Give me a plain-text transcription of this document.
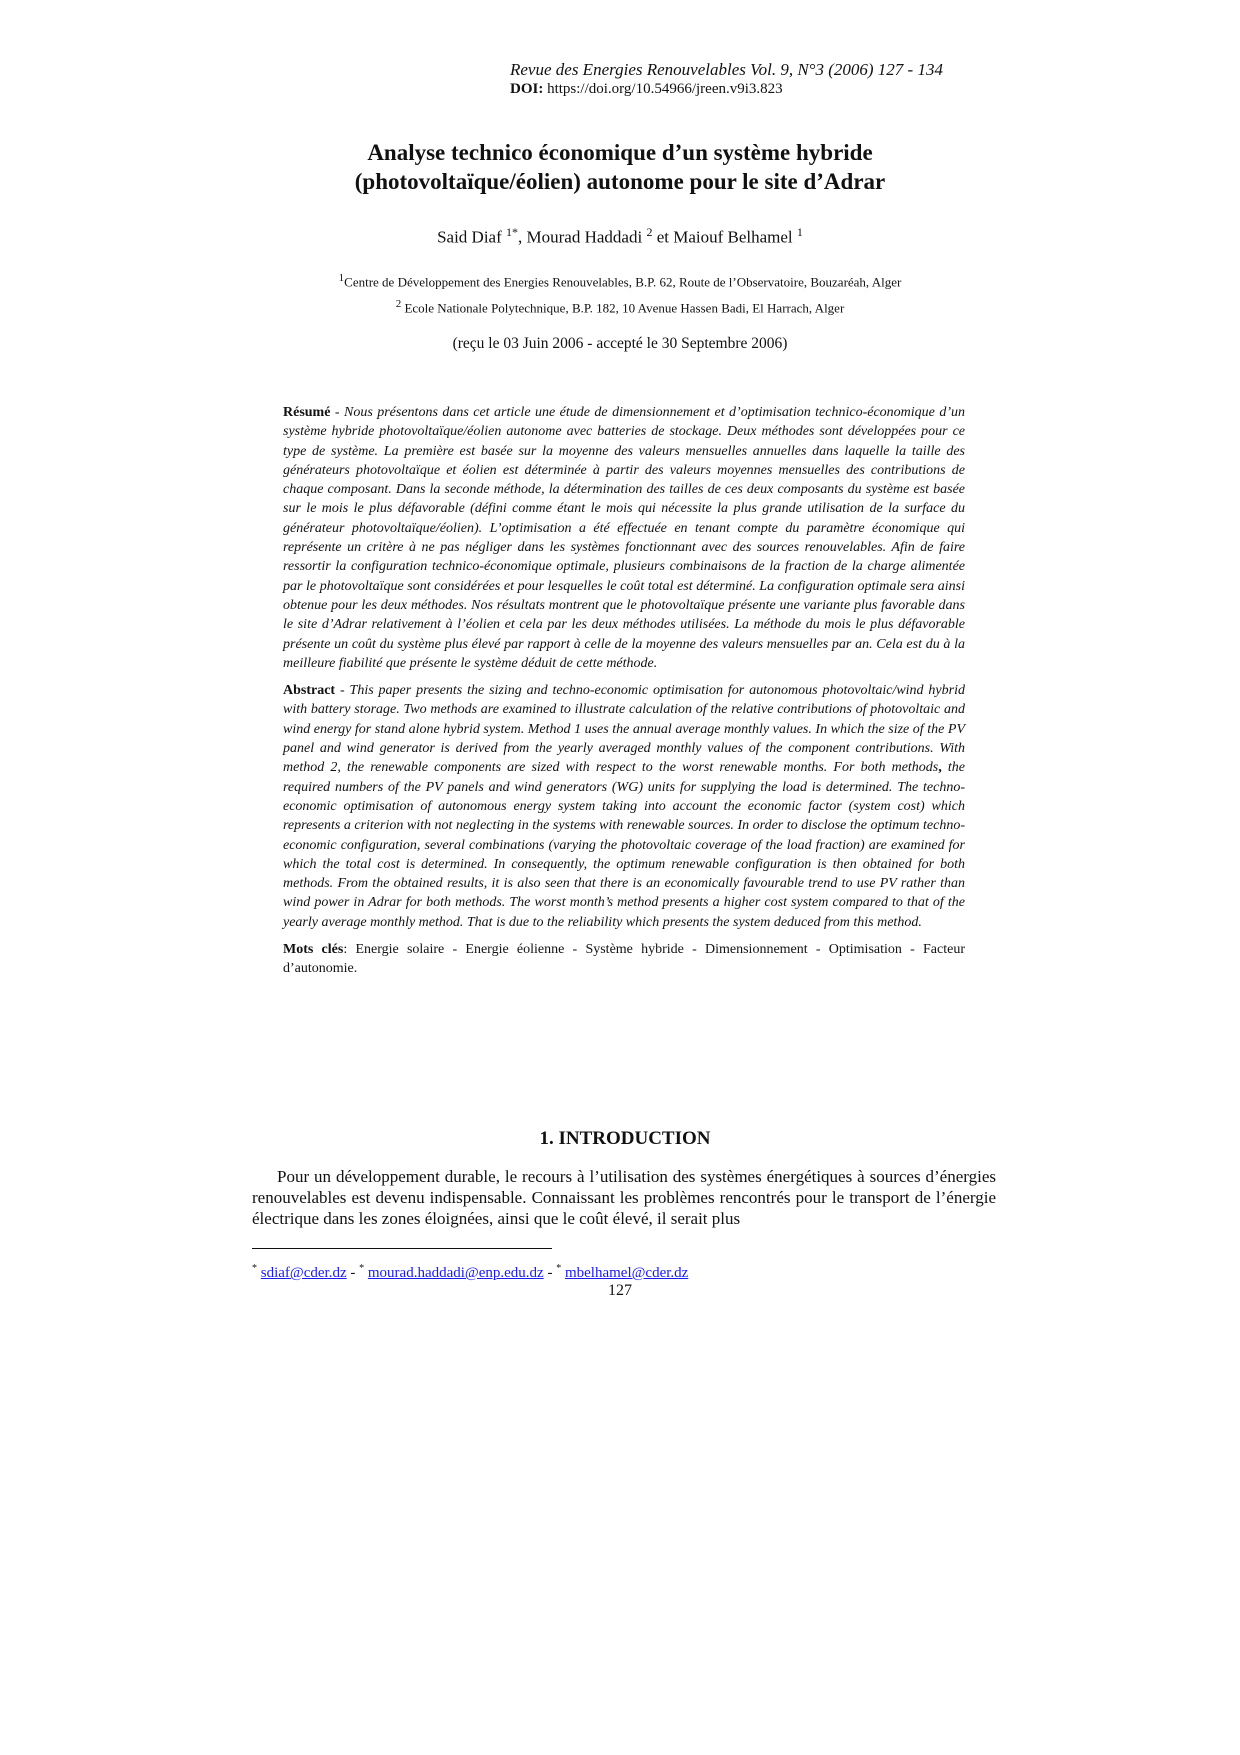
Revue des Energies Renouvelables Vol. 9, N°3 (2006) 127 - 134
DOI: https://doi.org/10.54966/jreen.v9i3.823
Analyse technico économique d’un système hybride
(photovoltaïque/éolien) autonome pour le site d’Adrar
Said Diaf $^{1*}$, Mourad Haddadi $^2$ et Maiouf Belhamel $^1$
$^1$Centre de Développement des Energies Renouvelables, B.P. 62, Route de l’Observatoire, Bouzaréah, Alger
$^2$ Ecole Nationale Polytechnique, B.P. 182, 10 Avenue Hassen Badi, El Harrach, Alger
(reçu le 03 Juin 2006 - accepté le 30 Septembre 2006)

Résumé - Nous présentons dans cet article une étude de dimensionnement et d’optimisation technico-économique d’un système hybride photovoltaïque/éolien autonome avec batteries de stockage. Deux méthodes sont développées pour ce type de système. La première est basée sur la moyenne des valeurs mensuelles annuelles dans laquelle la taille des générateurs photovoltaïque et éolien est déterminée à partir des valeurs moyennes mensuelles des contributions de chaque composant. Dans la seconde méthode, la détermination des tailles de ces deux composants du système est basée sur le mois le plus défavorable (défini comme étant le mois qui nécessite la plus grande utilisation de la surface du générateur photovoltaïque/éolien). L’optimisation a été effectuée en tenant compte du paramètre économique qui représente un critère à ne pas négliger dans les systèmes fonctionnant avec des sources renouvelables. Afin de faire ressortir la configuration technico-économique optimale, plusieurs combinaisons de la fraction de la charge alimentée par le photovoltaïque sont considérées et pour lesquelles le coût total est déterminé. La configuration optimale sera ainsi obtenue pour les deux méthodes. Nos résultats montrent que le photovoltaïque présente une variante plus favorable dans le site d’Adrar relativement à l’éolien et cela par les deux méthodes utilisées. La méthode du mois le plus défavorable présente un coût du système plus élevé par rapport à celle de la moyenne des valeurs mensuelles par an. Cela est du à la meilleure fiabilité que présente le système déduit de cette méthode.

Abstract - This paper presents the sizing and techno-economic optimisation for autonomous photovoltaic/wind hybrid with battery storage. Two methods are examined to illustrate calculation of the relative contributions of photovoltaic and wind energy for stand alone hybrid system. Method 1 uses the annual average monthly values. In which the size of the PV panel and wind generator is derived from the yearly averaged monthly values of the component contributions. With method 2, the renewable components are sized with respect to the worst renewable months. For both methods, the required numbers of the PV panels and wind generators (WG) units for supplying the load is determined. The techno-economic optimisation of autonomous energy system taking into account the economic factor (system cost) which represents a criterion with not neglecting in the systems with renewable sources. In order to disclose the optimum techno-economic configuration, several combinations (varying the photovoltaic coverage of the load fraction) are examined for which the total cost is determined. In consequently, the optimum renewable configuration is then obtained for both methods. From the obtained results, it is also seen that there is an economically favourable trend to use PV rather than wind power in Adrar for both methods. The worst month’s method presents a higher cost system compared to that of the yearly average monthly method. That is due to the reliability which presents the system deduced from this method.

Mots clés: Energie solaire - Energie éolienne - Système hybride - Dimensionnement - Optimisation - Facteur d’autonomie.

1. INTRODUCTION

Pour un développement durable, le recours à l’utilisation des systèmes énergétiques à sources d’énergies renouvelables est devenu indispensable. Connaissant les problèmes rencontrés pour le transport de l’énergie électrique dans les zones éloignées, ainsi que le coût élevé, il serait plus

* sdiaf@cder.dz - * mourad.haddadi@enp.edu.dz - * mbelhamel@cder.dz
127
